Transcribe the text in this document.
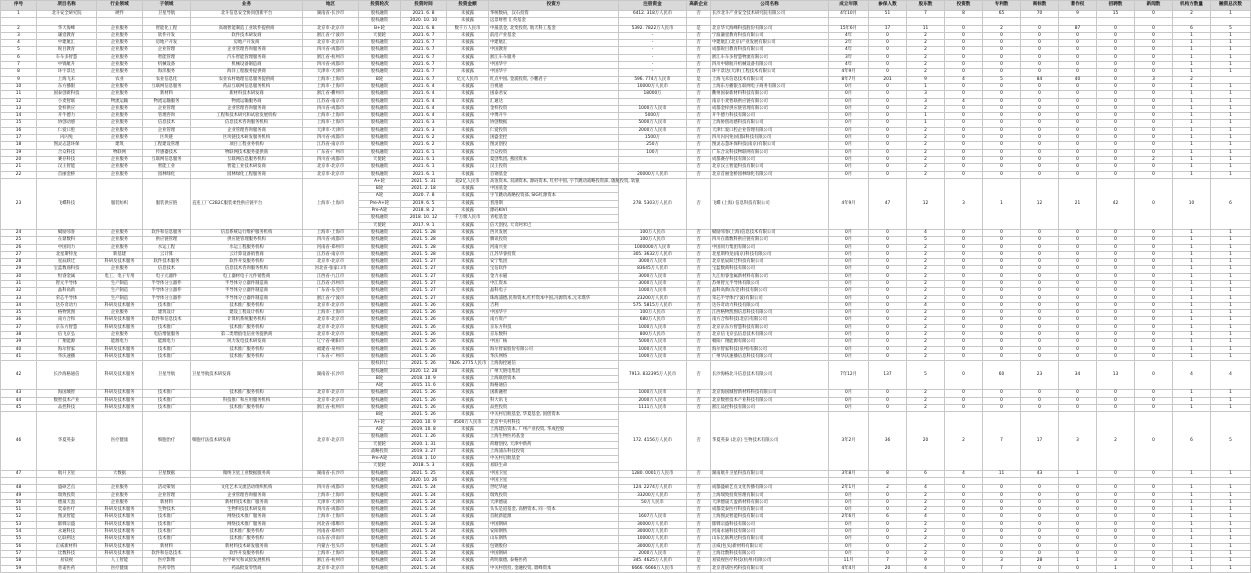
序号	项目名称	行业领域	子领域	业务	地区	投资轮次	投资时间	投资金额	投资方	注册资金	高新企业	公司名称	成立年限	参保人数	股东数	投资数	专利数	商标数	著作权	招聘数	新闻数	机构方数量	融资总次数
1	北斗安全研究院	硬件	卫星导航	北斗信息安全协同创新平台	湖南省-长沙市	股权融资	2021. 6. 8	未披露	华统数码，汉石投资	6412. 318万人民币	否	长沙北斗产业安全技术研究院有限公司	4年10月	51	7	8	65	70	9	15	0	2	1
						股权融资	2020. 10. 10	未披露	远景财智 汇英基金														
2	华天海峰	企业服务	智能化工程	高端智能制造工业软件提供商	北京市-北京市	B+轮	2021. 6. 8	数千万人民币	中晟基金, 北变投资, 航天科工基金	5392. 7822万人民币	是	北京华天海峰科技股份有限公司	15年6月	17	11	0	2	0	87	0	0	6	5
3	谦壹教育	企业服务	软件开发	软件技术研发商	浙江省-宁波市	天使轮	2021. 6. 7	未披露	前沿产业基金	-	否	宁波谦壹教育科技有限公司	4年	0	2	0	0	0	0	0	0	1	1
4	中建航汇	企业服务	房地产开发	房地产开发商	北京市-北京市	股权融资	2021. 6. 7	未披露	中建航汇	-	否	中建航汇(北京)产业发展有限公司	2年	0	2	0	0	0	0	0	0	1	1
5	锐目教育	企业服务	企业管理	企业管理咨询服务商	四川省-成都市	股权融资	2021. 6. 7	未披露	中国教育	-	否	成都锐目教育科技有限公司	4年	0	2	0	0	0	0	0	0	1	1
6	车车多智慧	企业服务	智能管理	汽车智能管理服务商	浙江省-杭州市	股权融资	2021. 6. 7	未披露	浙江车车服务	-	否	浙江车车多智慧物流有限公司	3年	0	2	0	0	0	0	0	0	1	1
7	中锦航升	企业服务	机械设备	机械设备制造商	四川省-成都市	股权融资	2021. 6. 7	未披露	中国华宇	-	否	四川中锦航升机械设备有限公司	4年	0	2	0	0	0	0	0	0	1	1
8	环宇景达	企业服务	海洋服务	海洋工程服务提供商	天津市-天津市	股权融资	2021. 6. 7	未披露	中国华宇	-	否	环宇景达(天津)工程技术有限公司	4年9月	0	2	0	0	0	0	0	0	1	1
9	上海飞未	农业	农业信息化	农业农村地理信息服务提供商	上海市-上海市	B轮	2021. 6. 7	亿元人民币	红点中国, 金浦投资, 小鹏君子	596. 774万人民币	是	上海飞未信息技术有限公司	8年7月	201	9	4	5	84	40	0	3	2	
10	东方播银	企业服务	互联网信息服务	药品互联网信息服务机构	上海市-上海市	股权融资	2021. 6. 4	未披露	百视通	10000万人民币	否	上海东方播银互联网电子商务有限公司	0月	0	1	0	0	0	0	0	0	1	1
11	国泰创新科技	企业服务	新材料	新材料技术研发商	浙江省-衢州市	股权融资	2021. 6. 4	未披露	国泰君安	18000万	否	衢州国泰新材料科技有限公司	0月	0	3	0	0	0	0	0	0	1	1
12	小麦智联	物流运输	物流运输服务	物流运输服务商	江苏省-南京市	股权融资	2021. 6. 4	未披露	汇通达		否	南京小麦智联供应链有限公司	0月	0	3	4	0	0	0	0	0	1	1
13	金梓供应	企业服务	企业管理	企业管理咨询服务商	四川省-成都市	股权融资	2021. 6. 4	未披露	金梓投资	1000万人民币	否	成都金梓供应链管理有限公司	0月	0	2	0	0	0	0	0	0	1	1
14	开牛德力	企业服务	管理咨询	工程和技术研究和试验发展机构	上海市-上海市	股权融资	2021. 6. 4	未披露	中博开牛	5000万	否	开牛德力科技有限公司	0月	0	1	0	0	0	0	0	0	1	1
15	协创动感	企业服务	信息技术	信息技术咨询服务机构	上海市-上海市	股权融资	2021. 6. 3	未披露	协创数据	5000万人民币	否	上海协创动感科技有限公司	0月	0	1	0	0	0	0	0	0	1	1
16	仁爱口腔	企业服务	企业管理	企业管理咨询服务商	天津市-天津市	股权融资	2021. 6. 3	未披露	仁爱投资	2000万人民币	否	天津仁爱口腔企业管理有限公司	0月	0	2	0	0	0	0	0	0	1	1
17	闪闪免	企业服务	区块链	区块链技术研发服务机构	四川省-成都市	股权融资	2021. 6. 2	未披露	国盛金控	1500万	否	四川闪闪免(成都)科技有限公司	0月	0	2	0	0	0	0	0	0	1	1
18	图灵志慧环保	建筑	工程建设管理	项目工程业务机构	江苏省-南京市	股权融资	2021. 6. 2	未披露	图灵创投	250万	否	图灵志慧环保科技(南京)有限公司	0月	0	2	0	0	0	0	0	0	1	1
19	合众科技	物联网	传感器技术	物联网技术服务提供商	广东省-广州市	股权融资	2021. 6. 1	未披露	合众投资	100万	否	广东合众科技物联网有限公司	0月	0	2	0	0	0	0	0	0	1	1
20	赛存科技	企业服务	互联网信息服务	互联网信息服务机构	四川省-成都市	天使轮	2021. 6. 1	未披露	夏创集团, 燕园资本		否	成都赛存科技有限公司	0月	0	2	0	0	0	0	0	2	1	1
21	汉王智能	企业服务	智能工业	智能工业技术研发商	北京市-北京市	股权融资	2021. 6. 1	未披露	汉王投资		否	北京汉王智能科技有限公司	0月	0	2	0	0	0	0	0	0	1	1
22	首丽金桥	企业服务	园林绿化	园林绿化工程服务商	北京市-北京市	股权融资	2021. 6. 1	未披露	首钢基金	20000万人民币	否	北京首丽金桥园林绿化有限公司	0月	0	2	0	0	0	0	0	0	1	1
23	飞蝶科技	服装纺织	服装供应链	直连工厂C2B2C服装柔性供应链平台	上海市-上海市	A+轮	2021. 5. 31	超2亿人民币	高瓴资本, 双湖资本, 源码资本, 红杉中国, 字节跳动战略投资部, 啟航投资, 软银	278. 5303万人民币	否	飞蝶 (上海) 信息科技有限公司	4年9月	47	12	3	1	12	21	42	0	10	6
						B轮	2021. 2. 18	未披露	中国基金														
						A轮	2020. 7. 8	未披露	字节跳动战略投资部, SIG红源资本														
						Pre-A+轮	2019. 6. 5	未披露	普洛斯														
						Pre-A轮	2018. 8. 2	未披露	源码KIVI														
						股权融资	2018. 10. 12	千万级人民币	青松基金														
						天使轮	2017. 9. 1	未披露	信天创投, 天奇阿米巴														
24	赋励邻客	企业服务	软件和信息服务	信息系统运行维护服务机构	上海市-上海市	股权融资	2021. 5. 28	未披露	西贝发展	100万人民币	否	赋励邻客(上海)信息技术有限公司	0月	0	4	0	0	0	0	0	0	1	1
25	在鼎数科	企业服务	供应链管理	供应链管理服务机构	四川省-成都市	股权融资	2021. 5. 28	未披露	腾讯投资	100万人民币	否	四川在鼎数科供应链有限公司	0月	0	5	0	0	0	0	0	0	1	1
26	中国同力	企业服务	水运工程	水运工程服务机构	河南省-郑州市	股权融资	2021. 5. 28	未披露	河南兴业	1000000万人民币	否	中国同力集团有限公司	0月	0	2	0	0	0	0	0	0	1	1
27	北星斯特龙	新基建	云计算	云计算设备销售商	江苏省-南京市	股权融资	2021. 5. 28	未披露	江苏华睿投资	305. 3632万人民币	否	北星斯特龙(南京)科技有限公司	0月	0	2	0	0	0	0	0	0	1	1
28	星辰跃迁	科研及技术服务	软件技术服务	软件开发服务机构	北京市-北京市	股权融资	2021. 5. 27	未披露	安宁集团	3000万人民币	否	北京星辰跃迁科技有限公司	0月	0	2	0	0	0	0	0	0	1	1
29	宝蓝数商科技	企业服务	信息技术	信息技术咨询服务机构	河北省-张家口市	股权融资	2021. 5. 27	未披露	宝信软件	83645万人民币	否	宝蓝数商科技有限公司	0月	0	2	0	0	0	0	0	0	1	1
30	恒睿金属	电工、电子专用	电子元器件	电工器材电子元件销售商	江西省-九江市	股权融资	2021. 5. 27	未披露	金力永磁	3000万人民币	否	九江恒睿金属新材料有限公司	0月	0	2	0	0	0	0	0	0	1	1
31	智元半导体	生产制造	半导体分立器件	半导体分立器件制造商	江苏省-苏州市	股权融资	2021. 5. 27	未披露	中江资本	3000万人民币	否	苏州智元半导体有限公司	0月	0	2	0	0	0	0	0	0	1	1
32	晶科高新	生产制造	半导体分立器件	半导体分立器件制造商	广东省-东莞市	股权融资	2021. 5. 27	未披露	晶科电子	1000万人民币	否	晶科高新(东莞)科技有限公司	0月	0	2	0	0	0	0	0	0	1	1
33	荣芯半导体	生产制造	半导体分立器件	半导体分立器件制造商	浙江省-宁波市	股权融资	2021. 5. 27	未披露	珠海浦德,民和资本,红杉资本中国,冯源资本,元禾璞华	23200万人民币	否	荣芯半导体(宁波)有限公司	0月	0	2	0	0	0	0	0	0	1	1
34	达芬奇动力	科研及技术服务	技术推广	技术推广服务机构	北京市-北京市	股权融资	2021. 5. 26	未披露	吉利	575. 5815万人民币	否	达芬奇动力科技有限公司	0月	0	4	0	0	0	0	0	0	1	1
35	格物凯图	企业服务	建筑设计	建设工程设计机构	上海市-上海市	股权融资	2021. 5. 26	未披露	中国华宇	100万人民币	否	江西格物凯图信息科技有限公司	0月	0	2	0	0	0	0	0	0	1	1
36	南方合和	科研及技术服务	软件和信息技术	计算机系统服务机构	北京市-北京市	股权融资	2021. 5. 26	未披露	南方资产	680万人民币	否	南方合和科技(北京)有限公司	0月	0	2	0	0	0	0	0	0	1	1
37	京东方智慧	科研及技术服务	技术推广	技术推广服务机构	北京市-北京市	股权融资	2021. 5. 26	未披露	京东方科技	1000万人民币	否	北京京东方智慧科技有限公司	0月	0	2	0	0	0	0	0	0	1	1
38	信飞京弘	企业服务	电信增值服务	第二类增值电信业务提供商	北京市-北京市	股权融资	2021. 5. 26	未披露	京东数科	800万人民币	否	北京信飞京弘信息技术有限公司	0月	0	2	0	0	0	0	0	0	1	1
39	广翔能源	能源电力	能源电力	风力发电技术研发商	辽宁省-朝阳市	股权融资	2021. 5. 26	未披露	中国广核	5000万人民币	否	朝阳广翔能源有限公司	0月	0	2	0	0	0	0	0	0	1	1
40	海尔智家	科研及技术服务	技术推广	技术推广服务机构	福建省-泉州市	股权融资	2021. 5. 26	未披露	海尔智家股份有限公司	1000万人民币	否	海尔智家科技(泉州)有限公司	0月	0	2	0	0	0	0	0	0	1	1
41	华沃速播	科研及技术服务	技术推广	技术推广服务机构	广东省-广州市	股权融资	2021. 5. 26	未披露	华沃网络	1000万人民币	否	广州华沃速播信息科技有限公司	0月	0	2	0	0	0	0	0	0	1	1
42	长沙海格通信	科研及技术服务	卫星导航	卫星导航技术研发商	湖南省-长沙市	股权转让	2021. 5. 26	7826. 2775人民币	上海海控通信	7913. 832395万人民币	否	长沙海格北斗信息技术有限公司	7年12月	137	5	0	60	23	34	13	0	4	4
						股权融资	2020. 12. 28	未披露	广州天链电集团														
						B轮	2018. 10. 9	未披露	上海联创资本														
						A轮	2015. 11. 6	未披露	海格通信														
43	海国城智	科研及技术服务	技术推广	技术推广服务机构	北京市-北京市	股权融资	2021. 5. 26	未披露	国新融智	1000万人民币	否	北京海国城智新材料科技有限公司	0月	0	2	0	0	0	0	0	0	1	1
44	数智技术产业	科研及技术服务	技术推广	科技推广和应用服务机构	北京市-北京市	股权融资	2021. 5. 26	未披露	科大讯飞	2000万人民币	否	北京数智技术产业科技有限公司	0月	0	2	0	0	0	0	0	0	1	1
45	品控科技	科研及技术服务	技术推广	技术推广服务机构	浙江省-杭州市	股权融资	2021. 5. 26	未披露	品控投资	1111万人民币	否	浙江品控科技有限公司	0月	0	2	0	0	0	0	0	0	1	1
46	华夏英泰	医疗健康	细胞治疗	细胞疗法技术研发商	北京市-北京市	B轮	2021. 5. 26	未披露	中关村启航基金, 华夏基金, 国创资本	172. 4156万人民币	否	华夏英泰 (北京) 生物技术有限公司	3年2月	36	20	2	7	17	3	2	0	6	5
						A+轮	2020. 10. 9	4500万人民币	北京中关村科技														
						A轮	2019. 10. 8	未披露	上海建信资本, 广州产业投资, 华成控股														
						股权融资	2021. 1. 26	未披露	上海生物医药基金														
						天使轮	2020. 1. 31	未披露	荷塘创投, 天津中新药														
						战略投资	2019. 3. 27	未披露	上海浦东科技投资														
						Pre-A轮	2018. 1. 10	未披露	中关村启航基金														
						天使轮	2018. 5. 3	未披露	易联生命														
47	航升卫星	大数据	卫星数据	微纳卫星工业数据服务商	湖南省-长沙市	股权融资	2021. 5. 25	未披露	中国卫星	1280. 0001万人民币	否	湖南航升卫星科技有限公司	3年8月	8	6	4	11	43	1	0	0	1	1
						股权融资	2020. 10. 26	未披露	中国卫星														
48	盛硕艺点	企业服务	活动策划	文化艺术交流活动组织机构	四川省-成都市	股权融资	2021. 5. 24	未披露	世纪华通	124. 2274万人民币	否	成都盛硕艺点文化传播有限公司	2年1月	2	4	0	0	0	0	0	0	1	1
49	瑞致投资	企业服务	企业管理	企业管理咨询服务商	上海市-上海市	股权融资	2021. 5. 24	未披露	瑞致投资	33200万人民币	否	上海瑞致投资管理有限公司	0月	0	2	0	0	0	0	0	0	1	1
50	德晟天盈	企业服务	新材料	新材料技术推广服务商	天津市-天津市	股权融资	2021. 5. 24	未披露	天津德晟	50万人民币	否	天津德晟天盈新材料有限公司	0月	0	2	0	0	0	0	0	0	1	1
51	奕泰医疗	科研及技术服务	生物技术	生物科技技术研发商	四川省-成都市	股权融资	2021. 5. 24	未披露	头头是道基金, 高榕资本, 同一资本		否	成都奕泰医疗科技有限公司	0月	0	2	0	0	0	0	0	0	1	1
52	图灵智能	科研及技术服务	技术推广	网络技术推广服务商	上海市-上海市	股权融资	2021. 5. 24	未披露	首航新能源	1607万人民币	否	上海图灵智能科技有限公司	2年6月	6	4	0	0	0	0	0	0	1	1
53	邯郸宗盛	科研及技术服务	技术推广	网络技术推广服务商	河北省-邯郸市	股权融资	2021. 5. 24	未披露	中国钢研	30000万人民币	否	邯郸宗盛科技有限公司	0月	0	2	0	0	0	0	0	0	1	1
54	永通科技	科研及技术服务	技术推广	技术推广服务机构	河南省-郑州市	股权融资	2021. 5. 24	未披露	安阳钢铁	30000万人民币	否	河南永通科技有限公司	0月	0	2	0	0	0	0	0	0	1	1
55	亿联利达	科研及技术服务	技术推广	技术推广服务机构	山东省-济南市	股权融资	2021. 5. 24	未披露	山东钢铁	10000万人民币	否	山东亿联利达科技有限公司	0月	0	2	0	0	0	0	0	0	1	1
56	正威新材料	科研及技术服务	新材料	新材料技术研发服务商	内蒙古-包头市	股权融资	2021. 5. 24	未披露	包钢股份	30000万人民币	否	正威(包头)新材料有限公司	0月	0	2	0	0	0	0	0	0	1	1
57	比数科技	科研及技术服务	软件和信息技术	软件开发服务机构	上海市-上海市	股权融资	2021. 5. 24	未披露	中国钢研	2000万人民币	否	上海比数科技有限公司	0月	0	2	0	0	0	0	0	0	1	1
58	易镁视	人工智能	医疗影像	医学研究和试验发展机构	浙江省-杭州市	股权融资	2021. 5. 24	未披露	药明康德, 泰格医药	345. 4625万人民币	是	易镁视医疗科技(杭州)有限公司	11月	7	9	0	3	28	1	3	0	1	1
59	普诺医药	医疗健康	医药零售	药品批发零售商	北京市-北京市	股权融资	2021. 5. 24	未披露	中关村创投, 金融投资, 鼎峰资本	6666. 6666万人民币	否	北京普诺医药科技有限公司	4年4月	20	4	0	7	0	0	1	0	1	1
